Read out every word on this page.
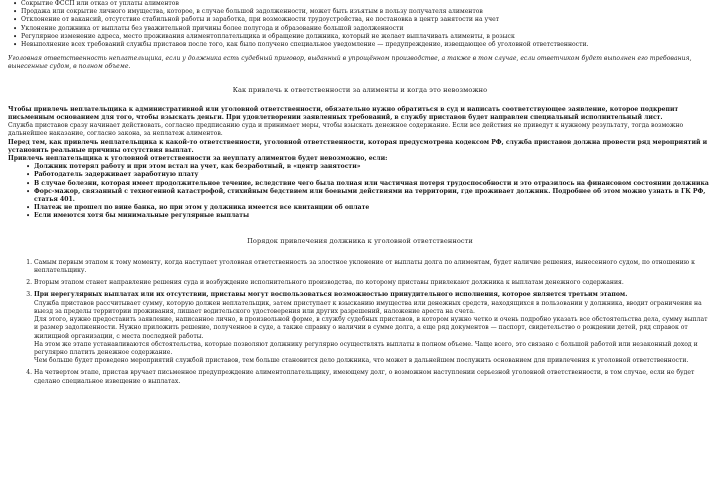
• Сокрытие ФССП или отказ от уплаты алиментов
• Продажа или сокрытие личного имущества, которое, в случае большой задолженности, может быть изъятым в пользу получателя алиментов
• Отклонение от вакансий, отсутствие стабильной работы и заработка, при возможности трудоустройства, не постановка в центр занятости на учет
• Уклонение должника от выплаты без уважительной причины более полугода и образование большой задолженности
• Регулярное изменение адреса, место проживания алиментоплательщика и обращение должника, который не желает выплачивать алименты, в розыск
• Невыполнение всех требований службы приставов после того, как было получено специальное уведомление — предупреждение, извещающее об уголовной ответственности.

Уголовная ответственность неплательщика, если у должника есть судебный приговор, выданный в упрощённом производстве, а также в том случае, если ответчиком будет выполнен его требования, вынесенные судом, в полном объеме.

Как привлечь к ответственности за алименты и когда это невозможно

Чтобы привлечь неплательщика к административной или уголовной ответственности, обязательно нужно обратиться в суд и написать соответствующее заявление, которое подкрепит письменным основанием для того, чтобы взыскать деньги. При удовлетворении заявленных требований, в службу приставов будет направлен специальный исполнительный лист.

Служба приставов сразу начинает действовать, согласно предписанию суда и принимает меры, чтобы взыскать денежное содержание. Если все действия не приведут к нужному результату, тогда возможно дальнейшее наказание, согласно закона, за неплатеж алиментов.

Перед тем, как привлечь неплательщика к какой-то ответственности, уголовной ответственности, которая предусмотрена кодексом РФ, служба приставов должна провести ряд мероприятий и установить реальные причины отсутствия выплат.

Привлечь неплательщика к уголовной ответственности за неуплату алиментов будет невозможно, если:

• Должник потерял работу и при этом встал на учет, как безработный, в «центр занятости»
• Работодатель задерживает заработную плату
• В случае болезни, которая имеет продолжительное течение, вследствие чего была полная или частичная потеря трудоспособности и это отразилось на финансовом состоянии должника
• Форс-мажор, связанный с техногенной катастрофой, стихийным бедствием или боевыми действиями на территории, где проживает должник. Подробнее об этом можно узнать в ГК РФ, статья 401.
• Платеж не прошел по вине банка, но при этом у должника имеется все квитанции об оплате
• Если имеются хотя бы минимальные регулярные выплаты
Порядок привлечения должника к уголовной ответственности
1. Самым первым этапом к тому моменту, когда наступает уголовная ответственность за злостное уклонение от выплаты долга по алиментам, будет наличие решения, вынесенного судом, по отношению к неплательщику.
2. Вторым этапом станет направление решения суда и возбуждение исполнительного производства, по которому приставы привлекают должника к выплатам денежного содержания.
3. При нерегулярных выплатах или их отсутствии, приставы могут воспользоваться возможностью принудительного исполнения, которое является третьим этапом.
Служба приставов рассчитывает сумму, которую должен неплательщик, затем приступает к взысканию имущества или денежных средств, находящихся в пользовании у должника, вводит ограничения на выезд за пределы территории проживания, лишает водительского удостоверения или других разрешений, наложение ареста на счета.
Для этого, нужно предоставить заявление, написанное лично, в произвольной форме, в службу судебных приставов, в котором нужно четко и очень подробно указать все обстоятельства дела, сумму выплат и размер задолженности. Нужно приложить решение, полученное в суде, а также справку о наличии в сумме долга, а еще ряд документов — паспорт, свидетельство о рождении детей, ряд справок от жилищной организации, с места последней работы.
На этом же этапе устанавливаются обстоятельства, которые позволяют должнику регулярно осуществлять выплаты в полном объеме. Чаще всего, это связано с большой работой или незаконный доход и регулярно платить денежное содержание.
Чем больше будет проведено мероприятий службой приставов, тем больше становится дело должника, что может в дальнейшем послужить основанием для привлечения к уголовной ответственности.
4. На четвертом этапе, пристав вручает письменное предупреждение алиментоплательщику, имеющему долг, о возможном наступлении серьезной уголовной ответственности, в том случае, если не будет сделано специальное извещение о выплатах.
